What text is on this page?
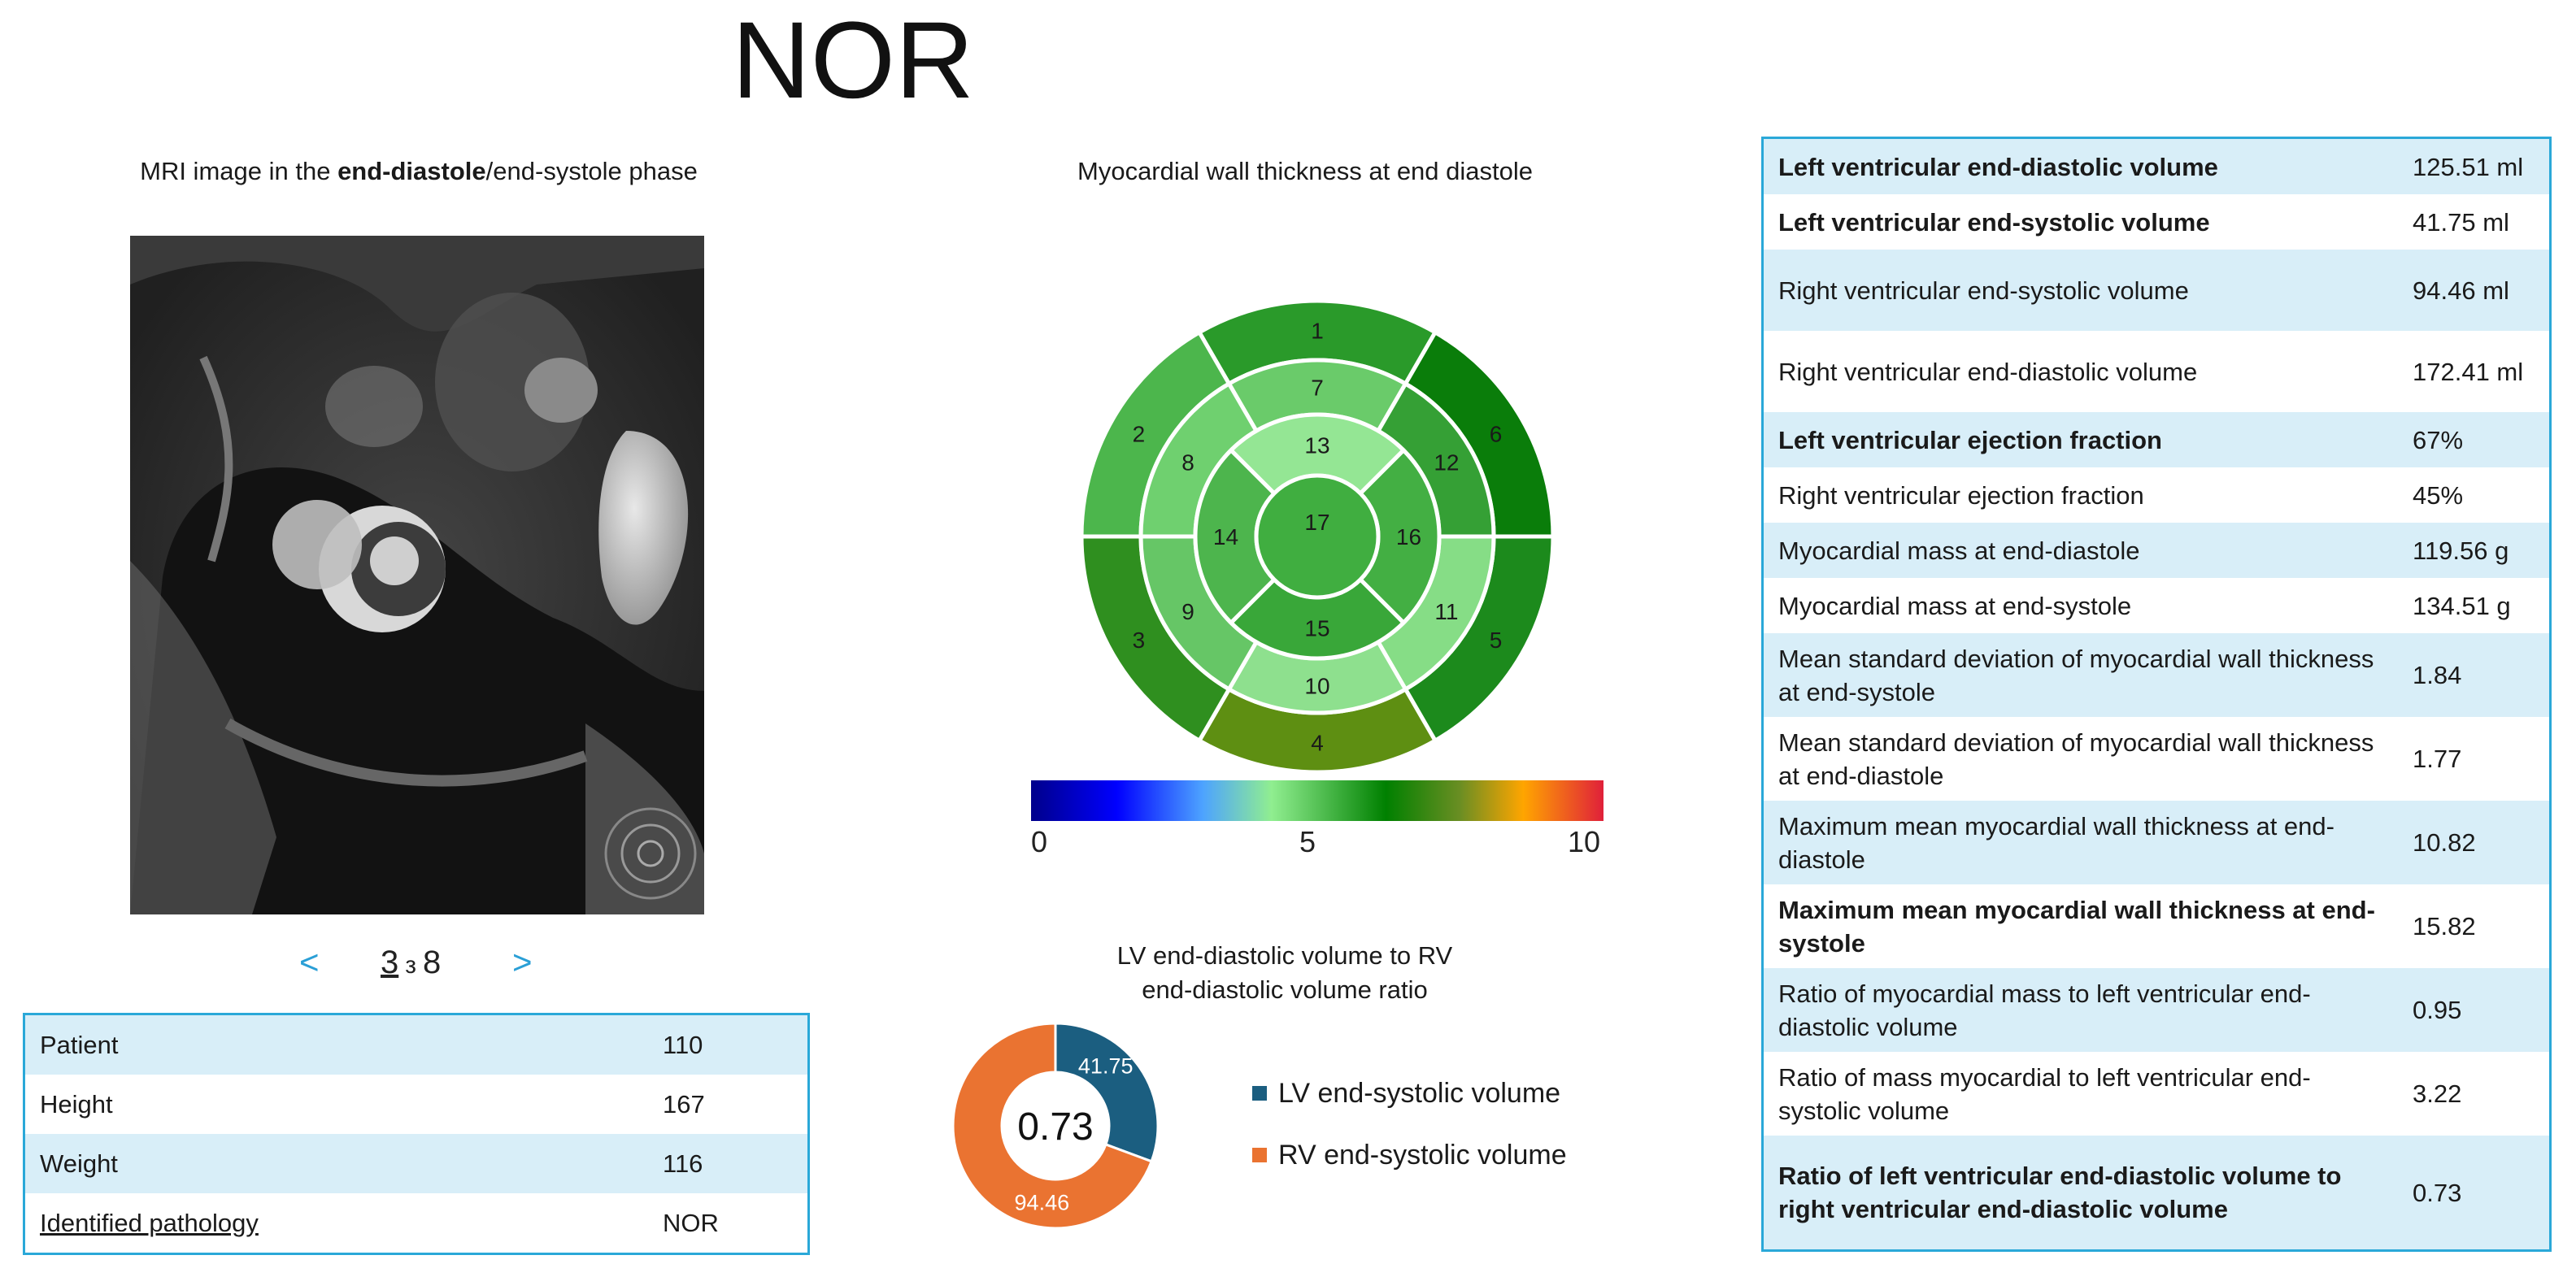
NOR
MRI image in the end-diastole/end-systole phase
< 3 з 8 >
Patient	110
Height	167
Weight	116
Identified pathology	NOR
Myocardial wall thickness at end diastole
1
6
5
4
3
2
7
12
11
10
9
8
13
16
15
14
17
0	5	10
LV end-diastolic volume to RV
end-diastolic volume ratio
41.75
94.46
0.73
LV end-systolic volume
RV end-systolic volume
Left ventricular end-diastolic volume	125.51 ml
Left ventricular end-systolic volume	41.75 ml
Right ventricular end-systolic volume	94.46 ml
Right ventricular end-diastolic volume	172.41 ml
Left ventricular ejection fraction	67%
Right ventricular ejection fraction	45%
Myocardial mass at end-diastole	119.56 g
Myocardial mass at end-systole	134.51 g
Mean standard deviation of myocardial wall thickness at end-systole	1.84
Mean standard deviation of myocardial wall thickness at end-diastole	1.77
Maximum mean myocardial wall thickness at end-diastole	10.82
Maximum mean myocardial wall thickness at end-systole	15.82
Ratio of myocardial mass to left ventricular end-diastolic volume	0.95
Ratio of mass myocardial to left ventricular end-systolic volume	3.22
Ratio of left ventricular end-diastolic volume to right ventricular end-diastolic volume	0.73
